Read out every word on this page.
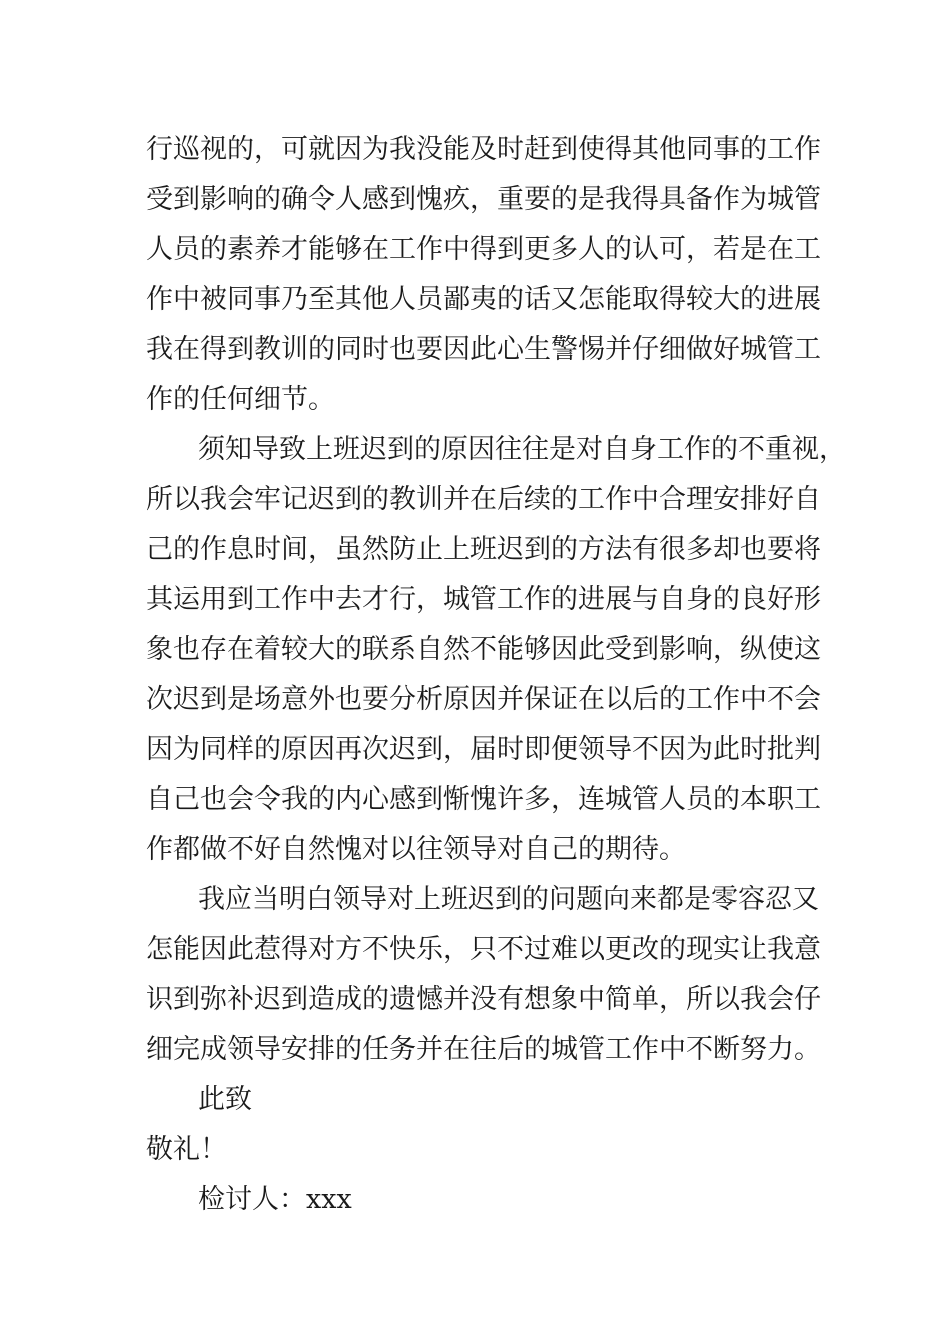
行巡视的，可就因为我没能及时赶到使得其他同事的工作

受到影响的确令人感到愧疚，重要的是我得具备作为城管

人员的素养才能够在工作中得到更多人的认可，若是在工

作中被同事乃至其他人员鄙夷的话又怎能取得较大的进展

我在得到教训的同时也要因此心生警惕并仔细做好城管工

作的任何细节。

须知导致上班迟到的原因往往是对自身工作的不重视，

所以我会牢记迟到的教训并在后续的工作中合理安排好自

己的作息时间，虽然防止上班迟到的方法有很多却也要将

其运用到工作中去才行，城管工作的进展与自身的良好形

象也存在着较大的联系自然不能够因此受到影响，纵使这

次迟到是场意外也要分析原因并保证在以后的工作中不会

因为同样的原因再次迟到，届时即便领导不因为此时批判

自己也会令我的内心感到惭愧许多，连城管人员的本职工

作都做不好自然愧对以往领导对自己的期待。

我应当明白领导对上班迟到的问题向来都是零容忍又

怎能因此惹得对方不快乐，只不过难以更改的现实让我意

识到弥补迟到造成的遗憾并没有想象中简单，所以我会仔

细完成领导安排的任务并在往后的城管工作中不断努力。

此致

敬礼！

检讨人：xxx
